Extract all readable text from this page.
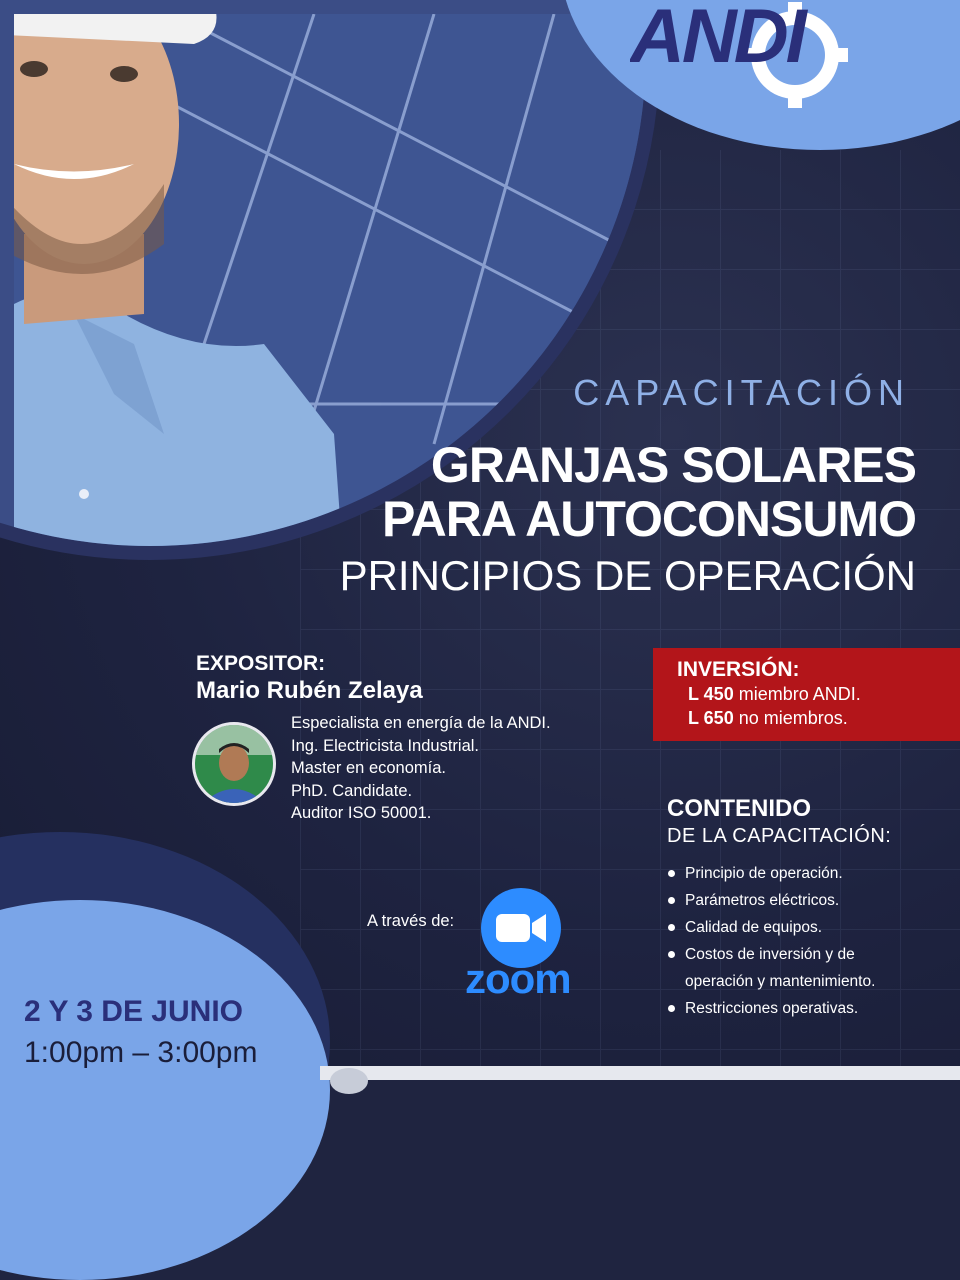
ANDI
CAPACITACIÓN
GRANJAS SOLARES
PARA AUTOCONSUMO
PRINCIPIOS DE OPERACIÓN
EXPOSITOR:
Mario Rubén Zelaya
Especialista en energía de la ANDI.
Ing. Electricista Industrial.
Master en economía.
PhD. Candidate.
Auditor ISO 50001.
INVERSIÓN:
L 450 miembro ANDI.
L 650 no miembros.
CONTENIDO
DE LA CAPACITACIÓN:
Principio de operación.
Parámetros eléctricos.
Calidad de equipos.
Costos de inversión y de
operación y mantenimiento.
Restricciones operativas.
A través de:
zoom
2 Y 3 DE JUNIO
1:00pm – 3:00pm
